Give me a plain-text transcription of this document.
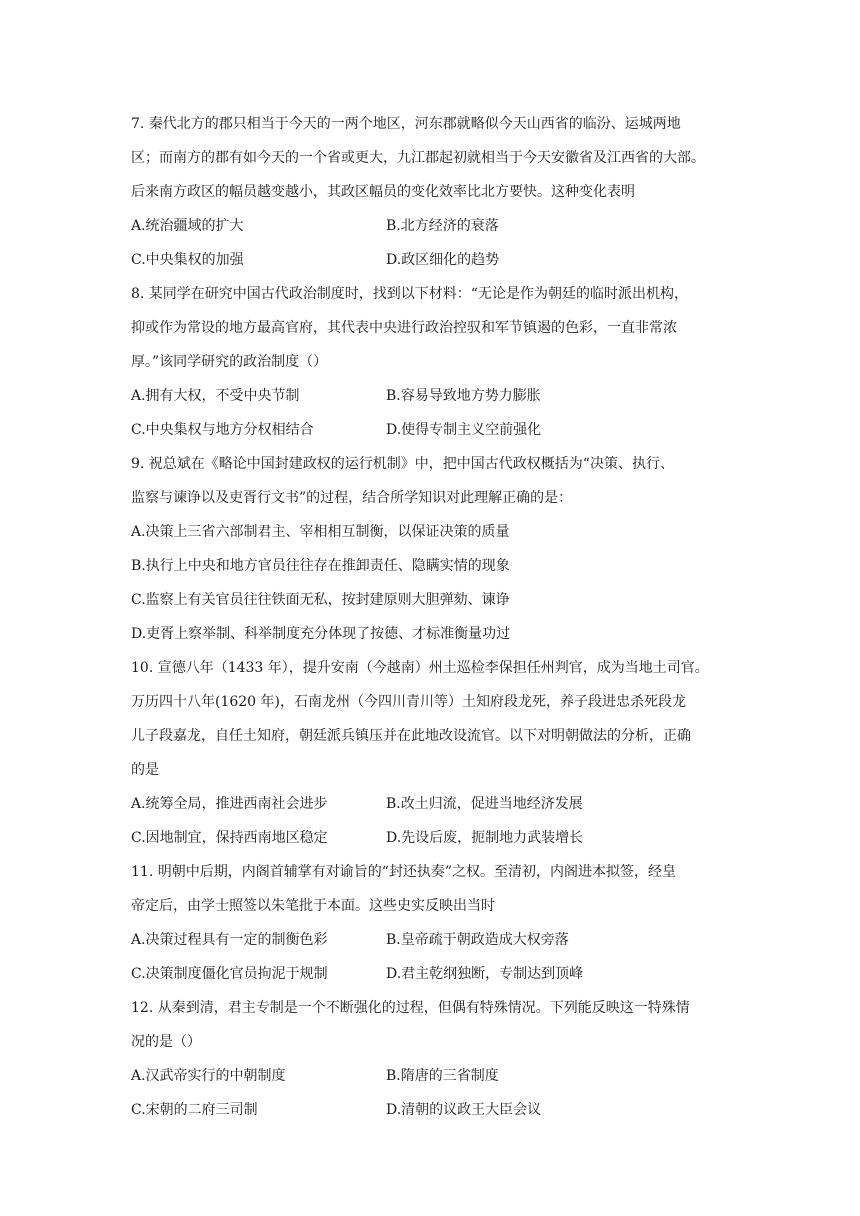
7. 秦代北方的郡只相当于今天的一两个地区，河东郡就略似今天山西省的临汾、运城两地
区；而南方的郡有如今天的一个省或更大，九江郡起初就相当于今天安徽省及江西省的大部。
后来南方政区的幅员越变越小，其政区幅员的变化效率比北方要快。这种变化表明
A.统治疆域的扩大	B.北方经济的衰落
C.中央集权的加强	D.政区细化的趋势
8. 某同学在研究中国古代政治制度时，找到以下材料：“无论是作为朝廷的临时派出机构，
抑或作为常设的地方最高官府，其代表中央进行政治控驭和军节镇遏的色彩，一直非常浓
厚。”该同学研究的政治制度（）
A.拥有大权，不受中央节制	B.容易导致地方势力膨胀
C.中央集权与地方分权相结合	D.使得专制主义空前强化
9. 祝总斌在《略论中国封建政权的运行机制》中，把中国古代政权概括为“决策、执行、
监察与谏诤以及吏胥行文书”的过程，结合所学知识对此理解正确的是：
A.决策上三省六部制君主、宰相相互制衡，以保证决策的质量
B.执行上中央和地方官员往往存在推卸责任、隐瞒实情的现象
C.监察上有关官员往往铁面无私，按封建原则大胆弹劾、谏诤
D.吏胥上察举制、科举制度充分体现了按德、才标准衡量功过
10. 宣德八年（1433 年），提升安南（今越南）州土巡检李保担任州判官，成为当地土司官。
万历四十八年(1620 年)，石南龙州（今四川青川等）土知府段龙死，养子段进忠杀死段龙
儿子段嘉龙，自任土知府，朝廷派兵镇压并在此地改设流官。以下对明朝做法的分析，正确
的是
A.统筹全局，推进西南社会进步	B.改土归流，促进当地经济发展
C.因地制宜，保持西南地区稳定	D.先设后废，扼制地力武装增长
11. 明朝中后期，内阁首辅掌有对谕旨的“封还执奏”之权。至清初，内阁进本拟签，经皇
帝定后，由学士照签以朱笔批于本面。这些史实反映出当时
A.决策过程具有一定的制衡色彩	B.皇帝疏于朝政造成大权旁落
C.决策制度僵化官员拘泥于规制	D.君主乾纲独断，专制达到顶峰
12. 从秦到清，君主专制是一个不断强化的过程，但偶有特殊情况。下列能反映这一特殊情
况的是（）
A.汉武帝实行的中朝制度	B.隋唐的三省制度
C.宋朝的二府三司制	D.清朝的议政王大臣会议
